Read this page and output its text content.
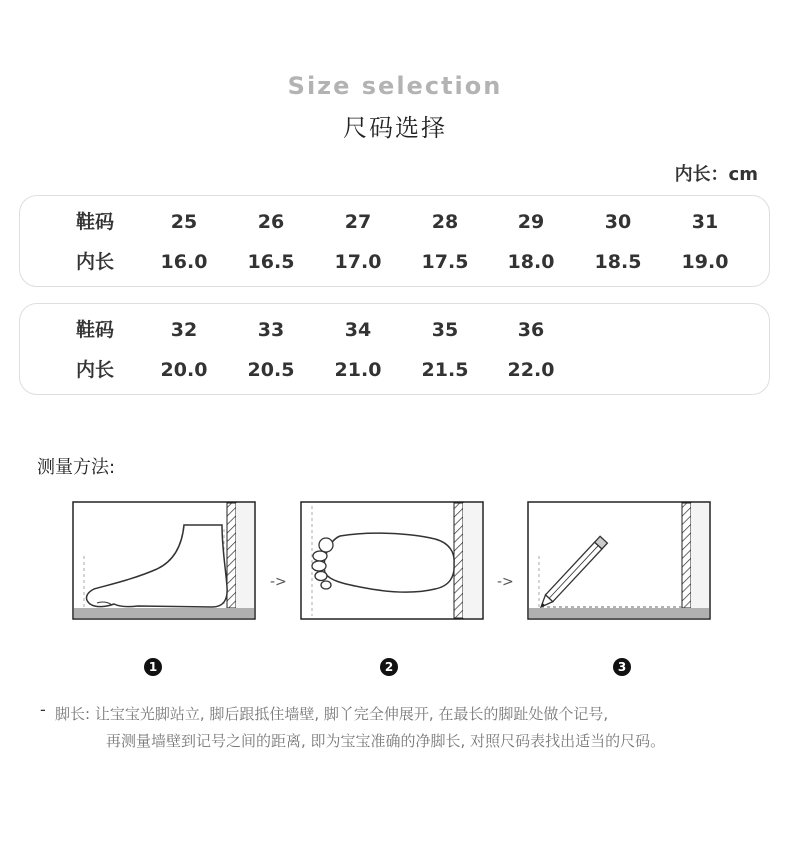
Size selection
尺码选择
内长：cm
鞋码	25	26	27	28	29	30	31
内长	16.0	16.5	17.0	17.5	18.0	18.5	19.0
鞋码	32	33	34	35	36
内长	20.0	20.5	21.0	21.5	22.0
测量方法:
->	->
1	2	3
- 脚长: 让宝宝光脚站立, 脚后跟抵住墙壁, 脚丫完全伸展开, 在最长的脚趾处做个记号,
再测量墙壁到记号之间的距离, 即为宝宝准确的净脚长, 对照尺码表找出适当的尺码。
